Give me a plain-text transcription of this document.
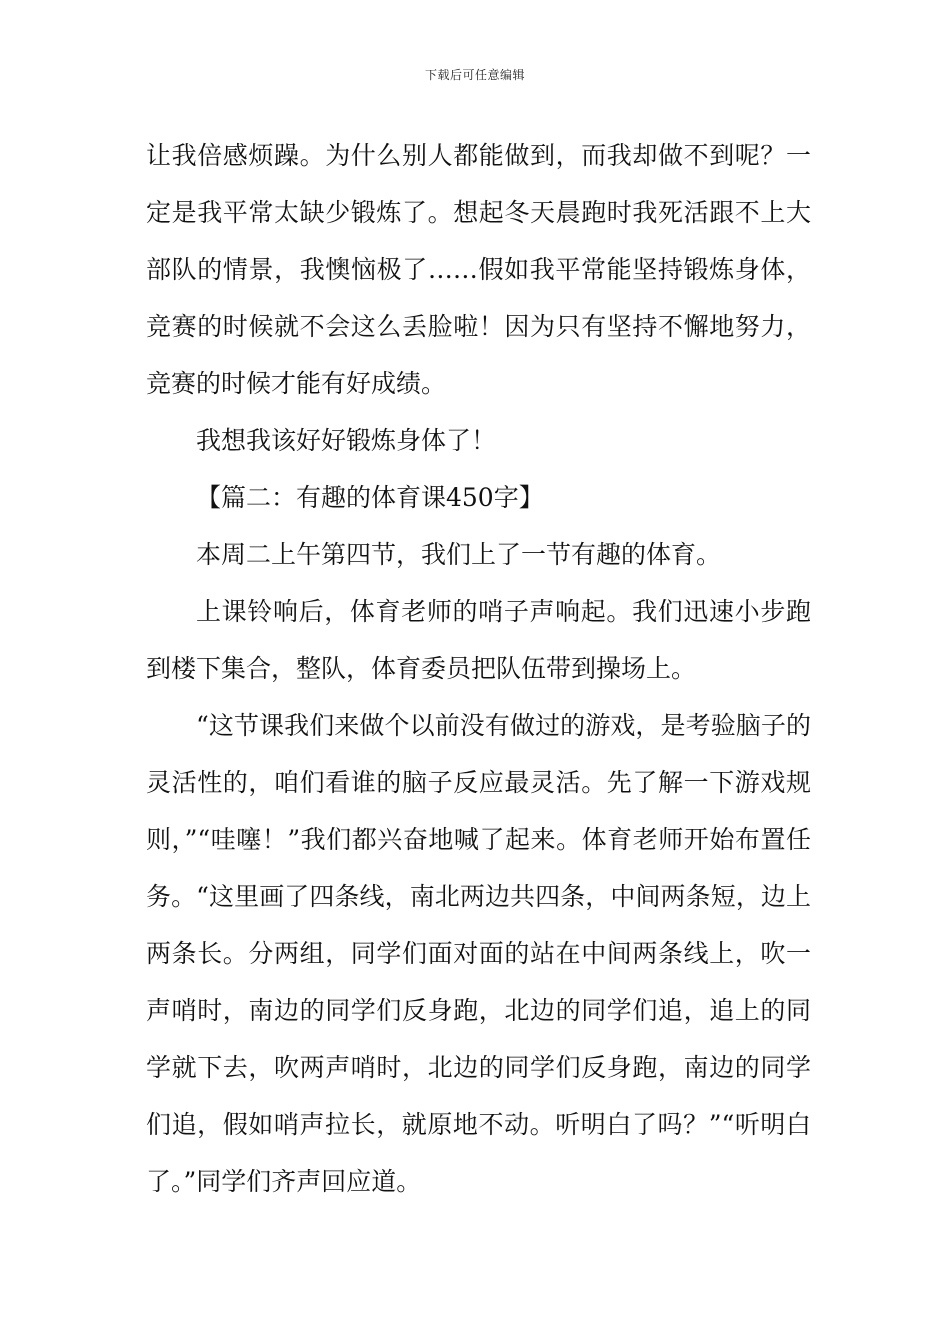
下载后可任意编辑

让我倍感烦躁。为什么别人都能做到，而我却做不到呢？一定是我平常太缺少锻炼了。想起冬天晨跑时我死活跟不上大部队的情景，我懊恼极了……假如我平常能坚持锻炼身体，竞赛的时候就不会这么丢脸啦！因为只有坚持不懈地努力，竞赛的时候才能有好成绩。

我想我该好好锻炼身体了！

【篇二：有趣的体育课450字】

本周二上午第四节，我们上了一节有趣的体育。

上课铃响后，体育老师的哨子声响起。我们迅速小步跑到楼下集合，整队，体育委员把队伍带到操场上。

“这节课我们来做个以前没有做过的游戏，是考验脑子的灵活性的，咱们看谁的脑子反应最灵活。先了解一下游戏规则，”“哇噻！”我们都兴奋地喊了起来。体育老师开始布置任务。“这里画了四条线，南北两边共四条，中间两条短，边上两条长。分两组，同学们面对面的站在中间两条线上，吹一声哨时，南边的同学们反身跑，北边的同学们追，追上的同学就下去，吹两声哨时，北边的同学们反身跑，南边的同学们追，假如哨声拉长，就原地不动。听明白了吗？”“听明白了。”同学们齐声回应道。
